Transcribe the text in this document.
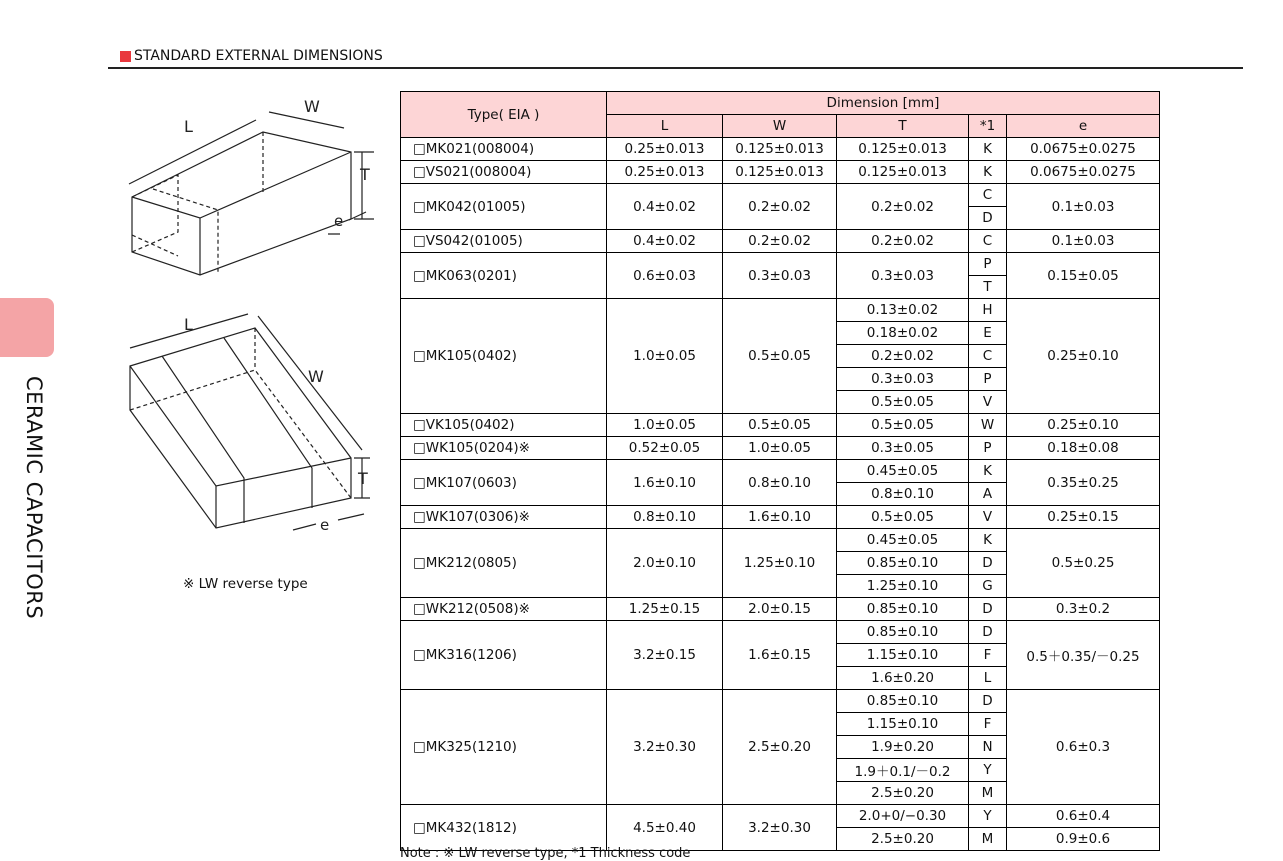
STANDARD EXTERNAL DIMENSIONS
CERAMIC CAPACITORS
L
W
T
e
L
W
T
e
※ LW reverse type
Type( EIA )	Dimension [mm]				
	L	W	T	*1	e
□MK021(008004)	0.25±0.013	0.125±0.013	0.125±0.013	K	0.0675±0.0275
□VS021(008004)	0.25±0.013	0.125±0.013	0.125±0.013	K	0.0675±0.0275
□MK042(01005)	0.4±0.02	0.2±0.02	0.2±0.02	C	0.1±0.03
				D	
□VS042(01005)	0.4±0.02	0.2±0.02	0.2±0.02	C	0.1±0.03
□MK063(0201)	0.6±0.03	0.3±0.03	0.3±0.03	P	0.15±0.05
				T	
□MK105(0402)	1.0±0.05	0.5±0.05	0.13±0.02	H	0.25±0.10
			0.18±0.02	E	
			0.2±0.02	C	
			0.3±0.03	P	
			0.5±0.05	V	
□VK105(0402)	1.0±0.05	0.5±0.05	0.5±0.05	W	0.25±0.10
□WK105(0204)※	0.52±0.05	1.0±0.05	0.3±0.05	P	0.18±0.08
□MK107(0603)	1.6±0.10	0.8±0.10	0.45±0.05	K	0.35±0.25
			0.8±0.10	A	
□WK107(0306)※	0.8±0.10	1.6±0.10	0.5±0.05	V	0.25±0.15
□MK212(0805)	2.0±0.10	1.25±0.10	0.45±0.05	K	0.5±0.25
			0.85±0.10	D	
			1.25±0.10	G	
□WK212(0508)※	1.25±0.15	2.0±0.15	0.85±0.10	D	0.3±0.2
□MK316(1206)	3.2±0.15	1.6±0.15	0.85±0.10	D	0.5＋0.35/－0.25
			1.15±0.10	F	
			1.6±0.20	L	
□MK325(1210)	3.2±0.30	2.5±0.20	0.85±0.10	D	0.6±0.3
			1.15±0.10	F	
			1.9±0.20	N	
			1.9＋0.1/－0.2	Y	
			2.5±0.20	M	
□MK432(1812)	4.5±0.40	3.2±0.30	2.0+0/−0.30	Y	0.6±0.4
			2.5±0.20	M	0.9±0.6
Note : ※ LW reverse type, *1 Thickness code
